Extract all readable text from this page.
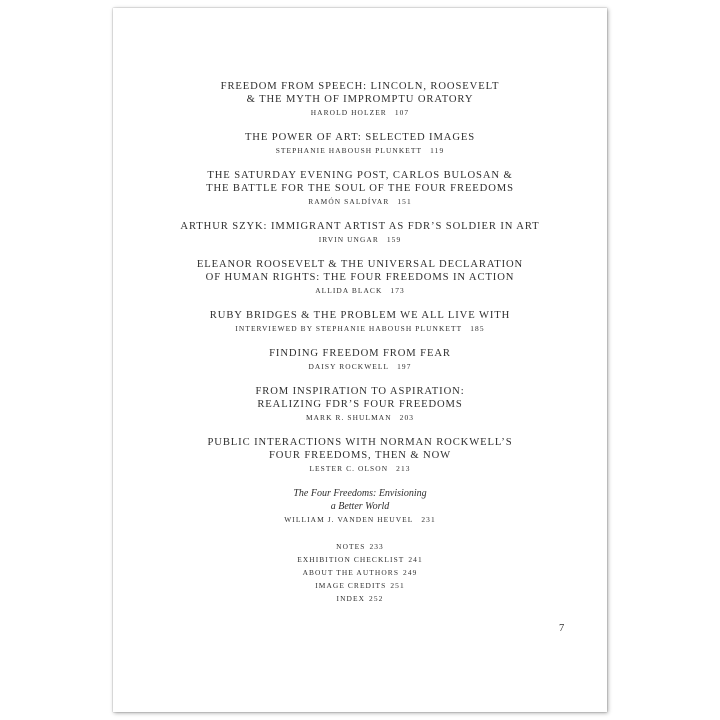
FREEDOM FROM SPEECH: LINCOLN, ROOSEVELT
& THE MYTH OF IMPROMPTU ORATORY
HAROLD HOLZER 107
THE POWER OF ART: SELECTED IMAGES
STEPHANIE HABOUSH PLUNKETT 119
THE SATURDAY EVENING POST, CARLOS BULOSAN &
THE BATTLE FOR THE SOUL OF THE FOUR FREEDOMS
RAMÓN SALDÍVAR 151
ARTHUR SZYK: IMMIGRANT ARTIST AS FDR’S SOLDIER IN ART
IRVIN UNGAR 159
ELEANOR ROOSEVELT & THE UNIVERSAL DECLARATION
OF HUMAN RIGHTS: THE FOUR FREEDOMS IN ACTION
ALLIDA BLACK 173
RUBY BRIDGES & THE PROBLEM WE ALL LIVE WITH
INTERVIEWED BY STEPHANIE HABOUSH PLUNKETT 185
FINDING FREEDOM FROM FEAR
DAISY ROCKWELL 197
FROM INSPIRATION TO ASPIRATION:
REALIZING FDR’S FOUR FREEDOMS
MARK R. SHULMAN 203
PUBLIC INTERACTIONS WITH NORMAN ROCKWELL’S
FOUR FREEDOMS, THEN & NOW
LESTER C. OLSON 213
The Four Freedoms: Envisioning
a Better World
WILLIAM J. VANDEN HEUVEL 231
NOTES 233
EXHIBITION CHECKLIST 241
ABOUT THE AUTHORS 249
IMAGE CREDITS 251
INDEX 252
7
